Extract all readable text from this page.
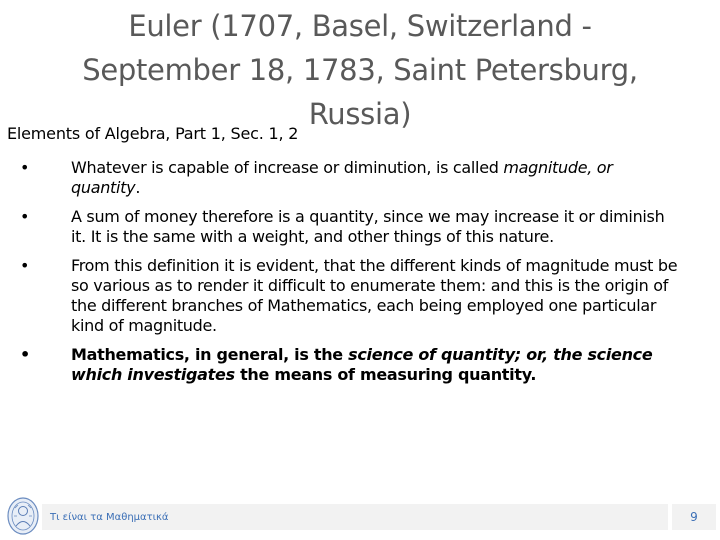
Euler (1707, Basel, Switzerland -
September 18, 1783, Saint Petersburg,
Russia)
Elements of Algebra, Part 1, Sec. 1, 2
•	Whatever is capable of increase or diminution, is called magnitude, or quantity.
•	A sum of money therefore is a quantity, since we may increase it or diminish it. It is the same with a weight, and other things of this nature.
•	From this definition it is evident, that the different kinds of magnitude must be so various as to render it difficult to enumerate them: and this is the origin of the different branches of Mathematics, each being employed one particular kind of magnitude.
•	Mathematics, in general, is the science of quantity; or, the science which investigates the means of measuring quantity.
Τι είναι τα Μαθηματικά	9
